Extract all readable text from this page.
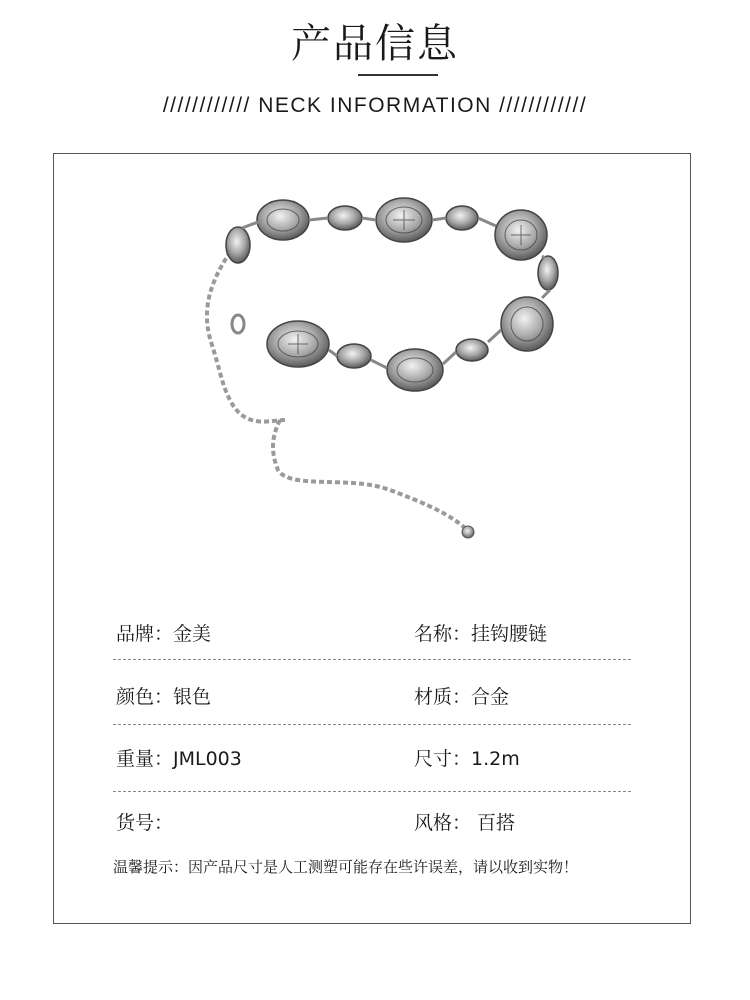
产品信息
//////////// NECK INFORMATION ////////////
品牌：金美	名称：挂钩腰链
颜色：银色	材质：合金
重量：JML003	尺寸：1.2m
货号：	风格： 百搭
温馨提示：因产品尺寸是人工测塑可能存在些许误差，请以收到实物！
